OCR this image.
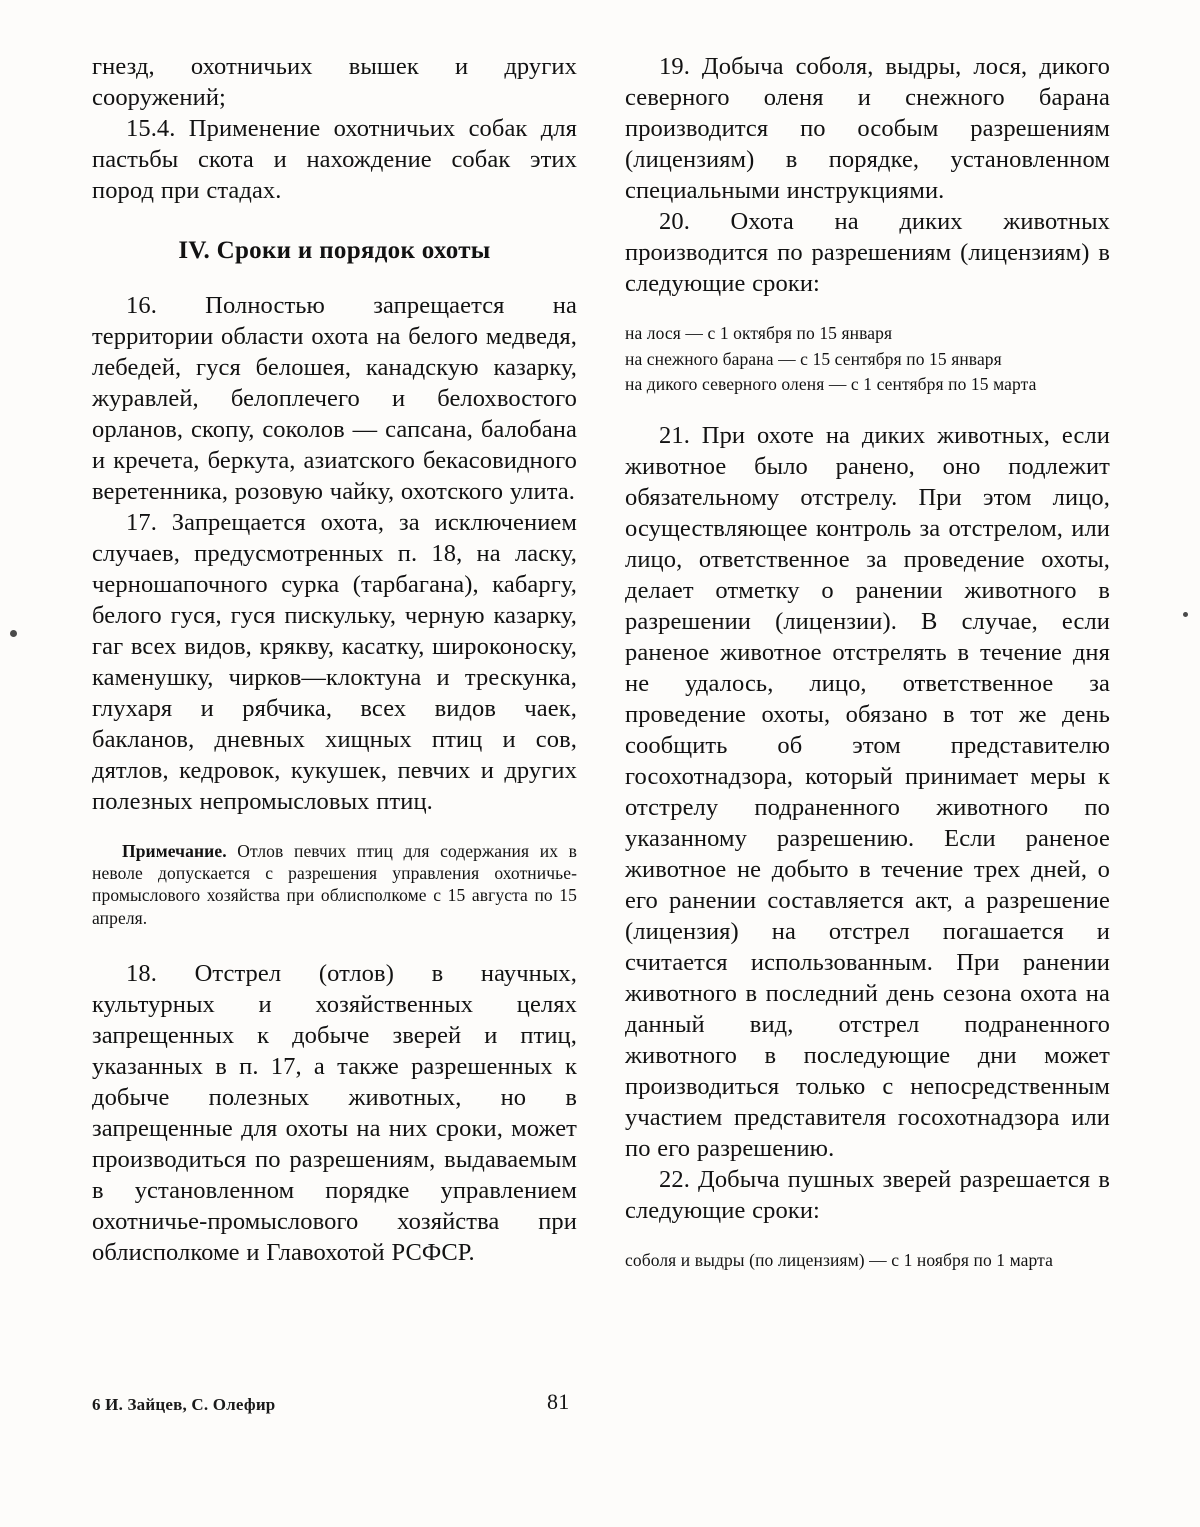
гнезд, охотничьих вышек и других сооружений;

15.4. Применение охотничьих собак для пастьбы скота и нахождение собак этих пород при стадах.

IV. Сроки и порядок охоты

16. Полностью запрещается на территории области охота на белого медведя, лебедей, гуся белошея, канадскую казарку, журавлей, белоплечего и белохвостого орланов, скопу, соколов — сапсана, балобана и кречета, беркута, азиатского бекасовидного веретенника, розовую чайку, охотского улита.

17. Запрещается охота, за исключением случаев, предусмотренных п. 18, на ласку, черношапочного сурка (тарбагана), кабаргу, белого гуся, гуся пискульку, черную казарку, гаг всех видов, крякву, касатку, широконоску, каменушку, чирков—клоктуна и трескунка, глухаря и рябчика, всех видов чаек, бакланов, дневных хищных птиц и сов, дятлов, кедровок, кукушек, певчих и других полезных непромысловых птиц.

Примечание. Отлов певчих птиц для содержания их в неволе допускается с разрешения управления охотничье-промыслового хозяйства при облисполкоме с 15 августа по 15 апреля.

18. Отстрел (отлов) в научных, культурных и хозяйственных целях запрещенных к добыче зверей и птиц, указанных в п. 17, а также разрешенных к добыче полезных животных, но в запрещенные для охоты на них сроки, может производиться по разрешениям, выдаваемым в установленном порядке управлением охотничье-промыслового хозяйства при облисполкоме и Главохотой РСФСР.

19. Добыча соболя, выдры, лося, дикого северного оленя и снежного барана производится по особым разрешениям (лицензиям) в порядке, установленном специальными инструкциями.

20. Охота на диких животных производится по разрешениям (лицензиям) в следующие сроки:

на лося — с 1 октября по 15 января
на снежного барана — с 15 сентября по 15 января
на дикого северного оленя — с 1 сентября по 15 марта

21. При охоте на диких животных, если животное было ранено, оно подлежит обязательному отстрелу. При этом лицо, осуществляющее контроль за отстрелом, или лицо, ответственное за проведение охоты, делает отметку о ранении животного в разрешении (лицензии). В случае, если раненое животное отстрелять в течение дня не удалось, лицо, ответственное за проведение охоты, обязано в тот же день сообщить об этом представителю госохотнадзора, который принимает меры к отстрелу подраненного животного по указанному разрешению. Если раненое животное не добыто в течение трех дней, о его ранении составляется акт, а разрешение (лицензия) на отстрел погашается и считается использованным. При ранении животного в последний день сезона охота на данный вид, отстрел подраненного животного в последующие дни может производиться только с непосредственным участием представителя госохотнадзора или по его разрешению.

22. Добыча пушных зверей разрешается в следующие сроки:

соболя и выдры (по лицензиям) — с 1 ноября по 1 марта
6 И. Зайцев, С. Олефир	81
